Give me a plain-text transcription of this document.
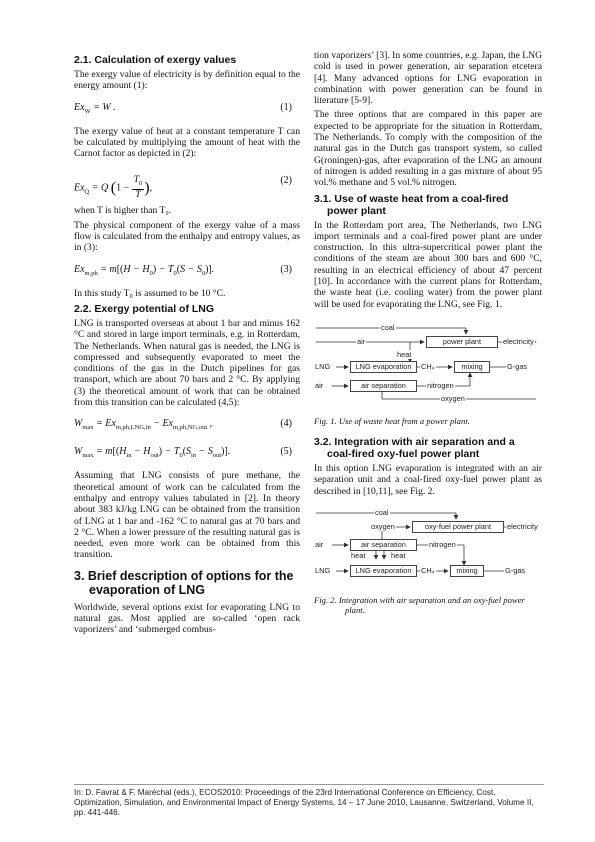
2.1. Calculation of exergy values

The exergy value of electricity is by definition equal to the energy amount (1):

$Ex_W = W$ .	(1)

The exergy value of heat at a constant temperature T can be calculated by multiplying the amount of heat with the Carnot factor as depicted in (2):

$Ex_Q = Q$ ($1 - \frac{T_0}{T}$ ),
(2)

when T is higher than T₀.

The physical component of the exergy value of a mass flow is calculated from the enthalpy and entropy values, as in (3):

$Ex_{m,ph} = m[(H - H_0) - T_0(S - S_0)]$.	(3)

In this study T₀ is assumed to be 10 °C.

2.2. Exergy potential of LNG

LNG is transported overseas at about 1 bar and minus 162 °C and stored in large import terminals, e.g. in Rotterdam, The Netherlands. When natural gas is needed, the LNG is compressed and subsequently evaporated to meet the conditions of the gas in the Dutch pipelines for gas transport, which are about 70 bars and 2 °C. By applying (3) the theoretical amount of work that can be obtained from this transition can be calculated (4,5):

$W_{max} = Ex_{m,ph,LNG,in} - Ex_{m,ph,NG,out}$ ,	(4)
$W_{max} = m[(H_{in} - H_{out}) - T_0(S_{in} - S_{out})]$.	(5)

Assuming that LNG consists of pure methane, the theoretical amount of work can be calculated from the enthalpy and entropy values tabulated in [2]. In theory about 383 kJ/kg LNG can be obtained from the transition of LNG at 1 bar and -162 °C to natural gas at 70 bars and 2 °C. When a lower pressure of the resulting natural gas is needed, even more work can be obtained from this transition.

3. Brief description of options for the evaporation of LNG

Worldwide, several options exist for evaporating LNG to natural gas. Most applied are so-called ‘open rack vaporizers’ and ‘submerged combus-

tion vaporizers’ [3]. In some countries, e.g. Japan, the LNG cold is used in power generation, air separation etcetera [4]. Many advanced options for LNG evaporation in combination with power generation can be found in literature [5-9].

The three options that are compared in this paper are expected to be appropriate for the situation in Rotterdam, The Netherlands. To comply with the composition of the natural gas in the Dutch gas transport system, so called G(roningen)-gas, after evaporation of the LNG an amount of nitrogen is added resulting in a gas mixture of about 95 vol.% methane and 5 vol.% nitrogen.

3.1. Use of waste heat from a coal-fired power plant

In the Rotterdam port area, The Netherlands, two LNG import terminals and a coal-fired power plant are under construction. In this ultra-supercritical power plant the conditions of the steam are about 300 bars and 600 °C, resulting in an electrical efficiency of about 47 percent [10]. In accordance with the current plans for Rotterdam, the waste heat (i.e. cooling water) from the power plant will be used for evaporating the LNG, see Fig. 1.

coal
air	power plant	electricity
heat
LNG	LNG evaporation	CH₄	mixing	G-gas
air	air separation	nitrogen
oxygen
Fig. 1. Use of waste heat from a power plant.
3.2. Integration with air separation and a coal-fired oxy-fuel power plant

In this option LNG evaporation is integrated with an air separation unit and a coal-fired oxy-fuel power plant as described in [10,11], see Fig. 2.

coal
oxygen	oxy-fuel power plant	electricity
air	air separation	nitrogen
heat	heat
LNG	LNG evaporation	CH₄	mixing	G-gas
Fig. 2. Integration with air separation and an oxy-fuel power plant.
In: D. Favrat & F. Maréchal (eds.), ECOS2010: Proceedings of the 23rd International Conference on Efficiency, Cost, Optimization, Simulation, and Environmental Impact of Energy Systems, 14 – 17 June 2010, Lausanne, Switzerland, Volume II, pp. 441-446.
